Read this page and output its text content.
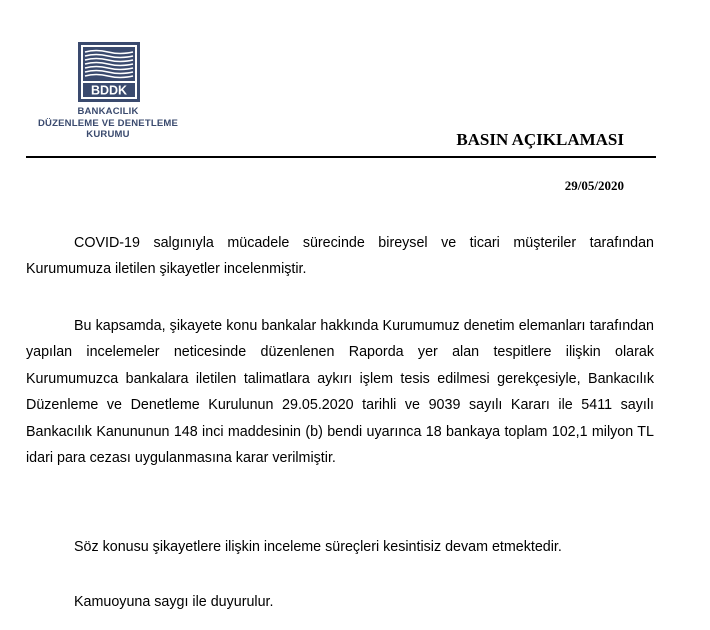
BDDK
BANKACILIK
DÜZENLEME VE DENETLEME
KURUMU	BASIN AÇIKLAMASI
29/05/2020

COVID-19 salgınıyla mücadele sürecinde bireysel ve ticari müşteriler tarafından Kurumumuza iletilen şikayetler incelenmiştir.

Bu kapsamda, şikayete konu bankalar hakkında Kurumumuz denetim elemanları tarafından yapılan incelemeler neticesinde düzenlenen Raporda yer alan tespitlere ilişkin olarak Kurumumuzca bankalara iletilen talimatlara aykırı işlem tesis edilmesi gerekçesiyle, Bankacılık Düzenleme ve Denetleme Kurulunun 29.05.2020 tarihli ve 9039 sayılı Kararı ile 5411 sayılı Bankacılık Kanununun 148 inci maddesinin (b) bendi uyarınca 18 bankaya toplam 102,1 milyon TL idari para cezası uygulanmasına karar verilmiştir.

Söz konusu şikayetlere ilişkin inceleme süreçleri kesintisiz devam etmektedir.

Kamuoyuna saygı ile duyurulur.
